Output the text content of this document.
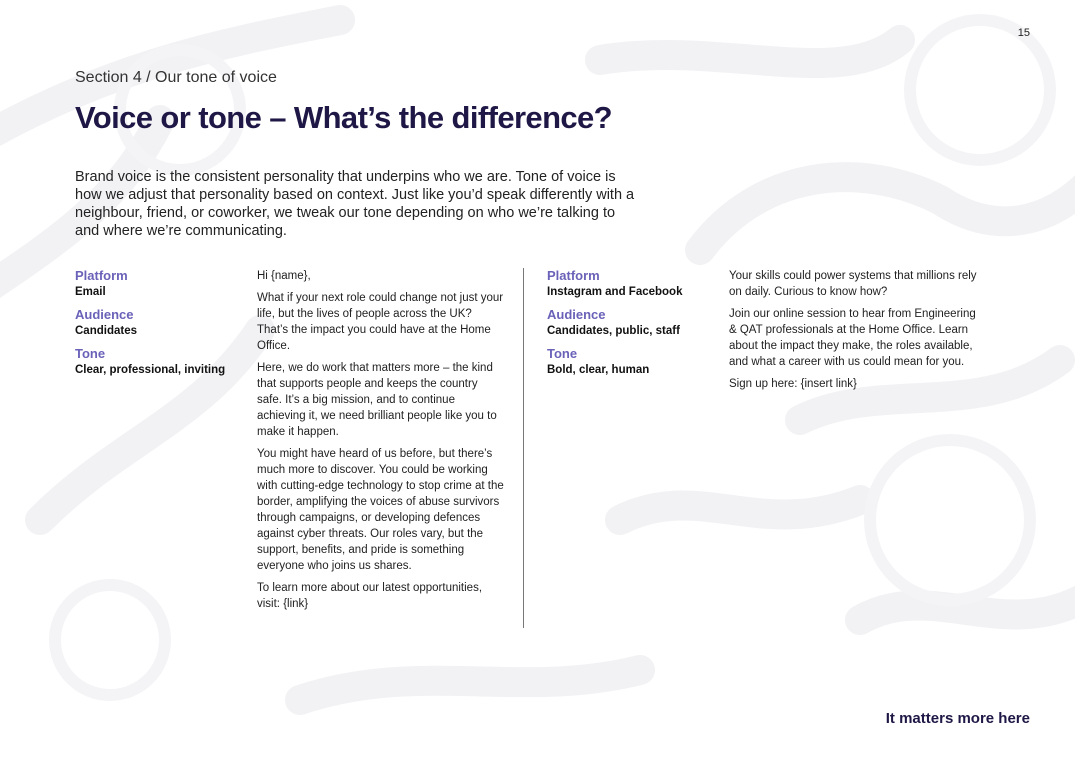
15
Section 4 / Our tone of voice
Voice or tone – What’s the difference?

Brand voice is the consistent personality that underpins who we are. Tone of voice is how we adjust that personality based on context. Just like you’d speak differently with a neighbour, friend, or coworker, we tweak our tone depending on who we’re talking to and where we’re communicating.

Platform
Email
Audience
Candidates
Tone
Clear, professional, inviting

Hi {name},

What if your next role could change not just your life, but the lives of people across the UK? That’s the impact you could have at the Home Office.

Here, we do work that matters more – the kind that supports people and keeps the country safe. It’s a big mission, and to continue achieving it, we need brilliant people like you to make it happen.

You might have heard of us before, but there’s much more to discover. You could be working with cutting-edge technology to stop crime at the border, amplifying the voices of abuse survivors through campaigns, or developing defences against cyber threats. Our roles vary, but the support, benefits, and pride is something everyone who joins us shares.

To learn more about our latest opportunities, visit: {link}

Platform
Instagram and Facebook
Audience
Candidates, public, staff
Tone
Bold, clear, human

Your skills could power systems that millions rely on daily. Curious to know how?

Join our online session to hear from Engineering & QAT professionals at the Home Office. Learn about the impact they make, the roles available, and what a career with us could mean for you.

Sign up here: {insert link}

It matters more here
